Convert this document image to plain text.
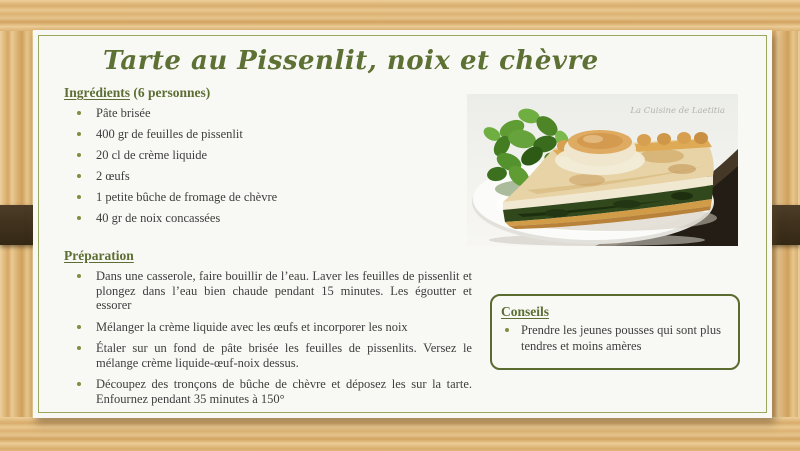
Tarte au Pissenlit, noix et chèvre
Ingrédients (6 personnes)
Pâte brisée
400 gr de feuilles de pissenlit
20 cl de crème liquide
2 œufs
1 petite bûche de fromage de chèvre
40 gr de noix concassées
Préparation
Dans une casserole, faire bouillir de l’eau. Laver les feuilles de pissenlit et plongez dans l’eau bien chaude pendant 15 minutes. Les égoutter et essorer
Mélanger la crème liquide avec les œufs et incorporer les noix
Étaler sur un fond de pâte brisée les feuilles de pissenlits. Versez le mélange crème liquide-œuf-noix dessus.
Découpez des tronçons de bûche de chèvre et déposez les sur la tarte. Enfournez pendant 35 minutes à 150°
La Cuisine de Laetitia
Conseils
Prendre les jeunes pousses qui sont plus tendres et moins amères
